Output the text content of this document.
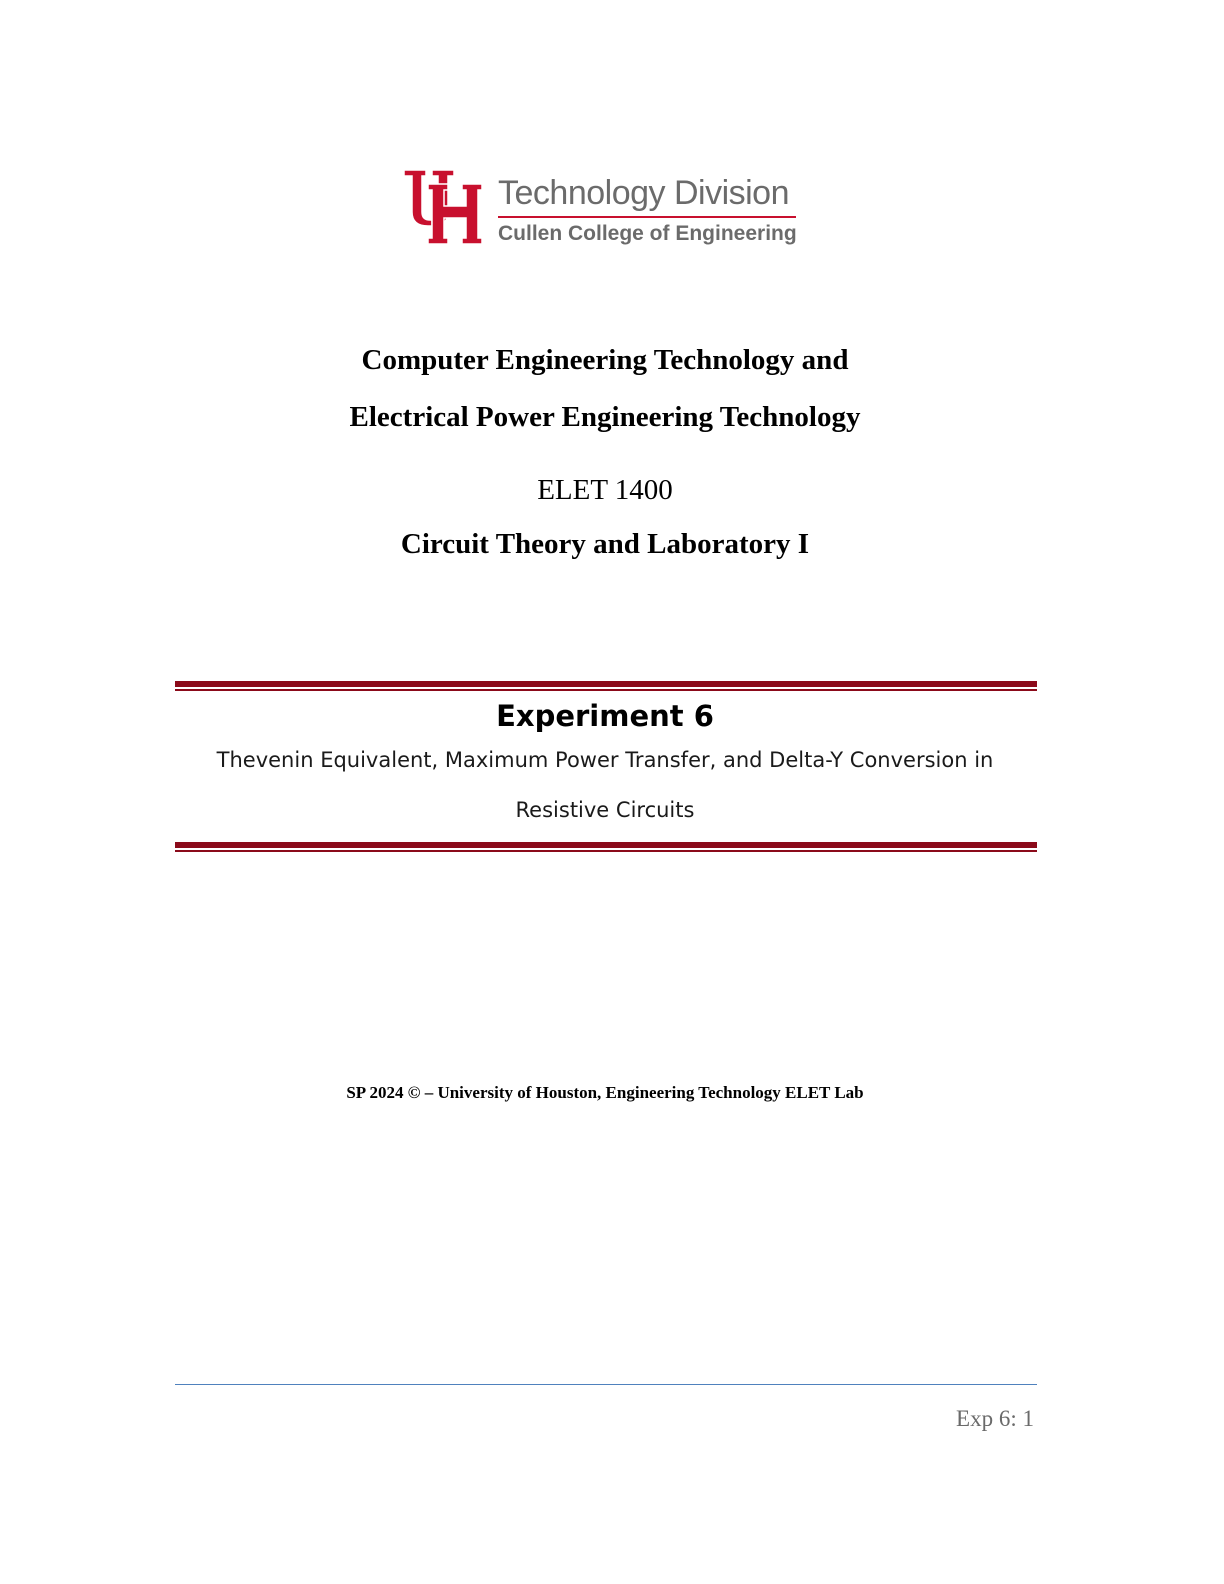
Technology Division
Cullen College of Engineering
Computer Engineering Technology and
Electrical Power Engineering Technology
ELET 1400
Circuit Theory and Laboratory I
Experiment 6
Thevenin Equivalent, Maximum Power Transfer, and Delta-Y Conversion in
Resistive Circuits
SP 2024 © – University of Houston, Engineering Technology ELET Lab
Exp 6: 1
